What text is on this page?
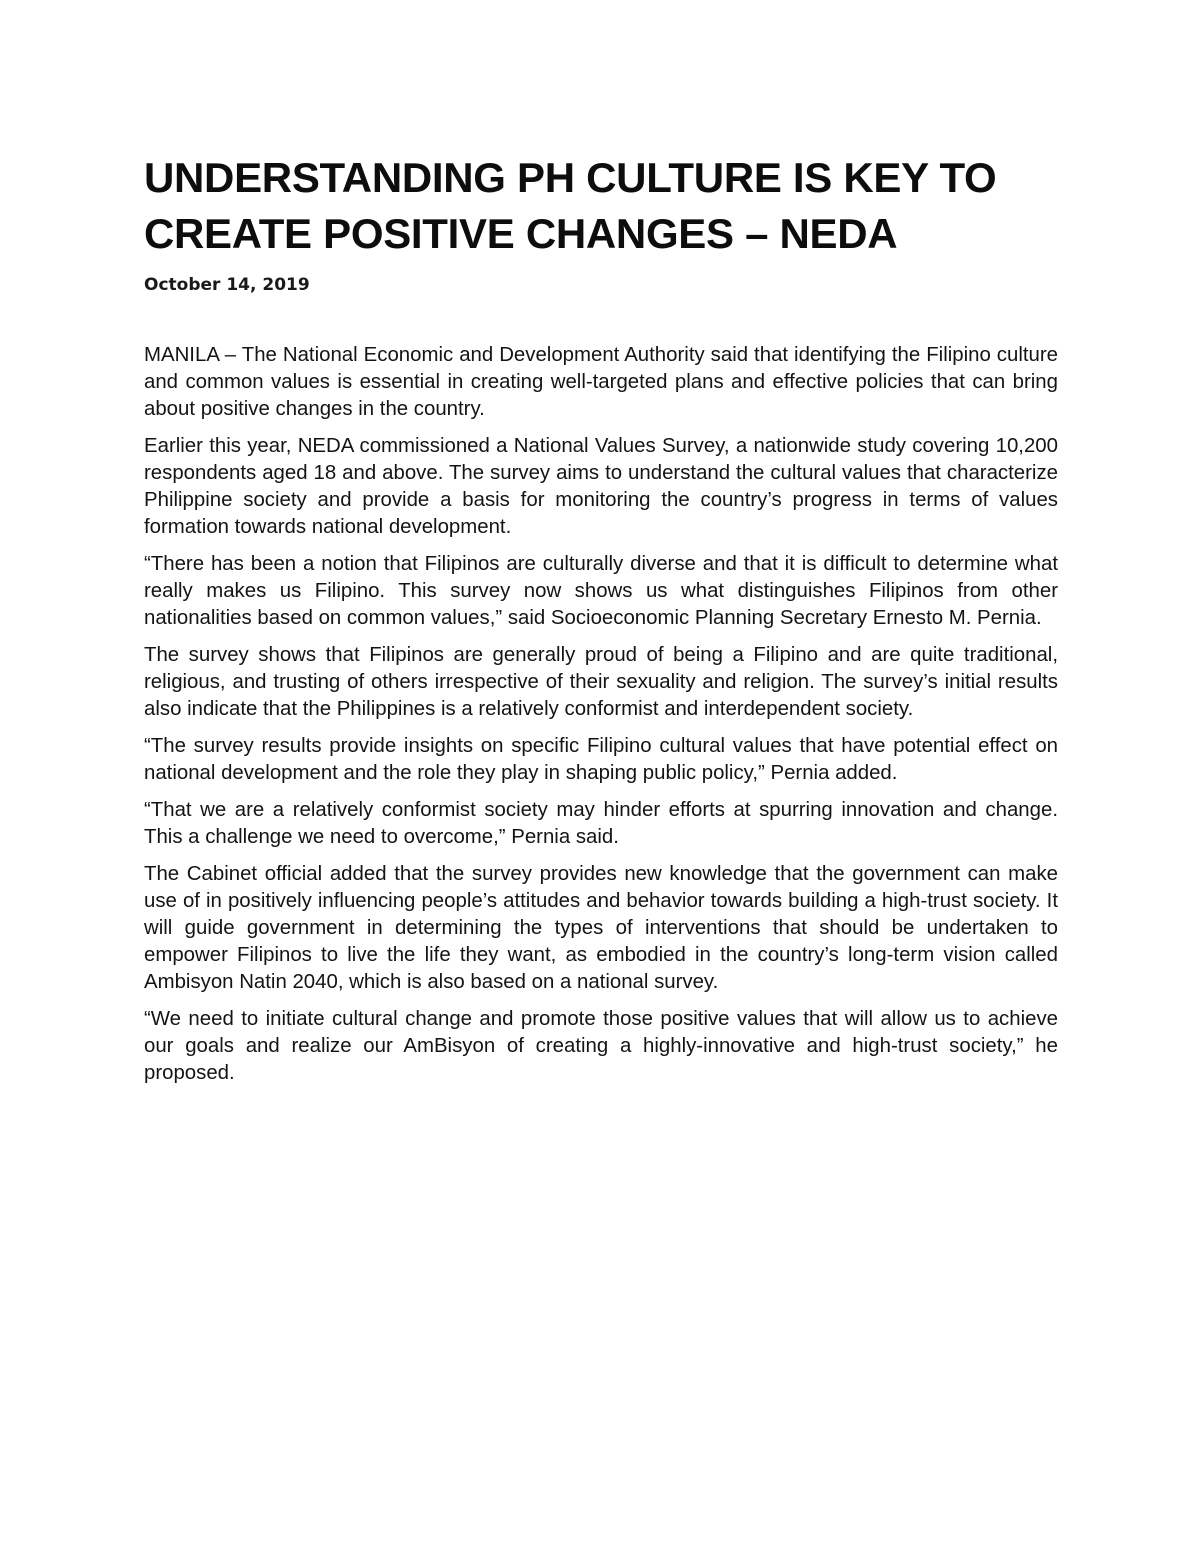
UNDERSTANDING PH CULTURE IS KEY TO CREATE POSITIVE CHANGES – NEDA
October 14, 2019

MANILA – The National Economic and Development Authority said that identifying the Filipino culture and common values is essential in creating well-targeted plans and effective policies that can bring about positive changes in the country.

Earlier this year, NEDA commissioned a National Values Survey, a nationwide study covering 10,200 respondents aged 18 and above. The survey aims to understand the cultural values that characterize Philippine society and provide a basis for monitoring the country’s progress in terms of values formation towards national development.

“There has been a notion that Filipinos are culturally diverse and that it is difficult to determine what really makes us Filipino. This survey now shows us what distinguishes Filipinos from other nationalities based on common values,” said Socioeconomic Planning Secretary Ernesto M. Pernia.

The survey shows that Filipinos are generally proud of being a Filipino and are quite traditional, religious, and trusting of others irrespective of their sexuality and religion. The survey’s initial results also indicate that the Philippines is a relatively conformist and interdependent society.

“The survey results provide insights on specific Filipino cultural values that have potential effect on national development and the role they play in shaping public policy,” Pernia added.

“That we are a relatively conformist society may hinder efforts at spurring innovation and change. This a challenge we need to overcome,” Pernia said.

The Cabinet official added that the survey provides new knowledge that the government can make use of in positively influencing people’s attitudes and behavior towards building a high-trust society. It will guide government in determining the types of interventions that should be undertaken to empower Filipinos to live the life they want, as embodied in the country’s long-term vision called Ambisyon Natin 2040, which is also based on a national survey.

“We need to initiate cultural change and promote those positive values that will allow us to achieve our goals and realize our AmBisyon of creating a highly-innovative and high-trust society,” he proposed.
